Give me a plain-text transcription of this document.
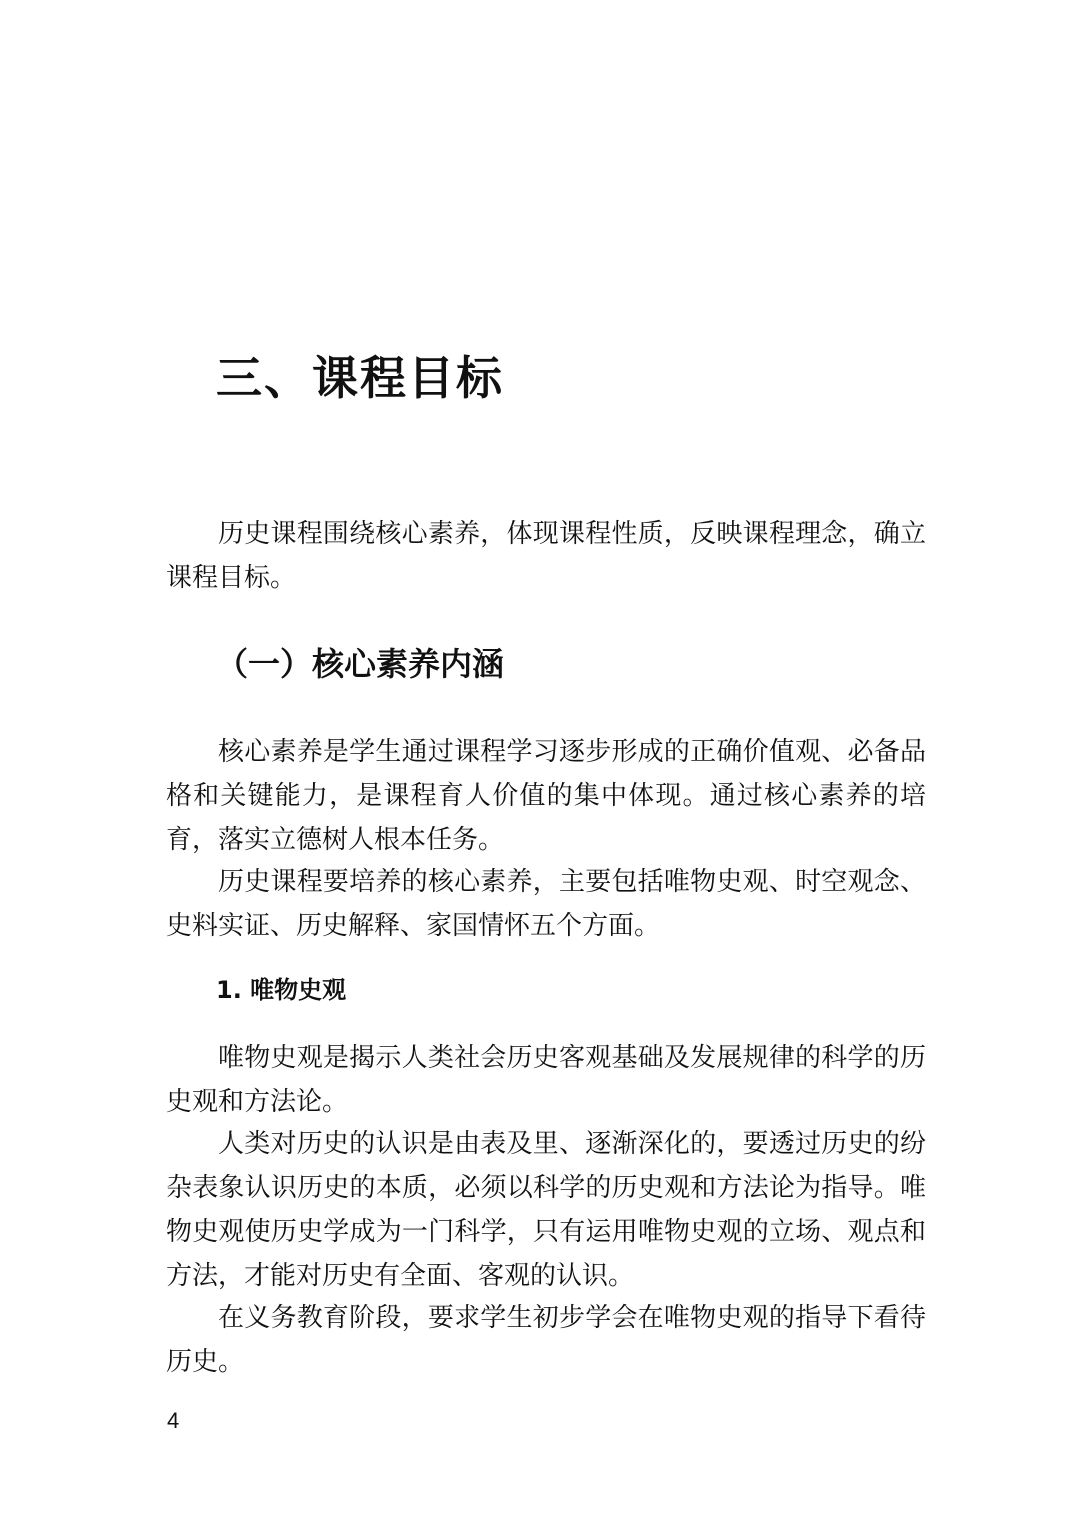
三、课程目标

历史课程围绕核心素养，体现课程性质，反映课程理念，确立课程目标。

（一）核心素养内涵

核心素养是学生通过课程学习逐步形成的正确价值观、必备品格和关键能力，是课程育人价值的集中体现。通过核心素养的培育，落实立德树人根本任务。

历史课程要培养的核心素养，主要包括唯物史观、时空观念、史料实证、历史解释、家国情怀五个方面。

1. 唯物史观

唯物史观是揭示人类社会历史客观基础及发展规律的科学的历史观和方法论。

人类对历史的认识是由表及里、逐渐深化的，要透过历史的纷杂表象认识历史的本质，必须以科学的历史观和方法论为指导。唯物史观使历史学成为一门科学，只有运用唯物史观的立场、观点和方法，才能对历史有全面、客观的认识。

在义务教育阶段，要求学生初步学会在唯物史观的指导下看待历史。

4
